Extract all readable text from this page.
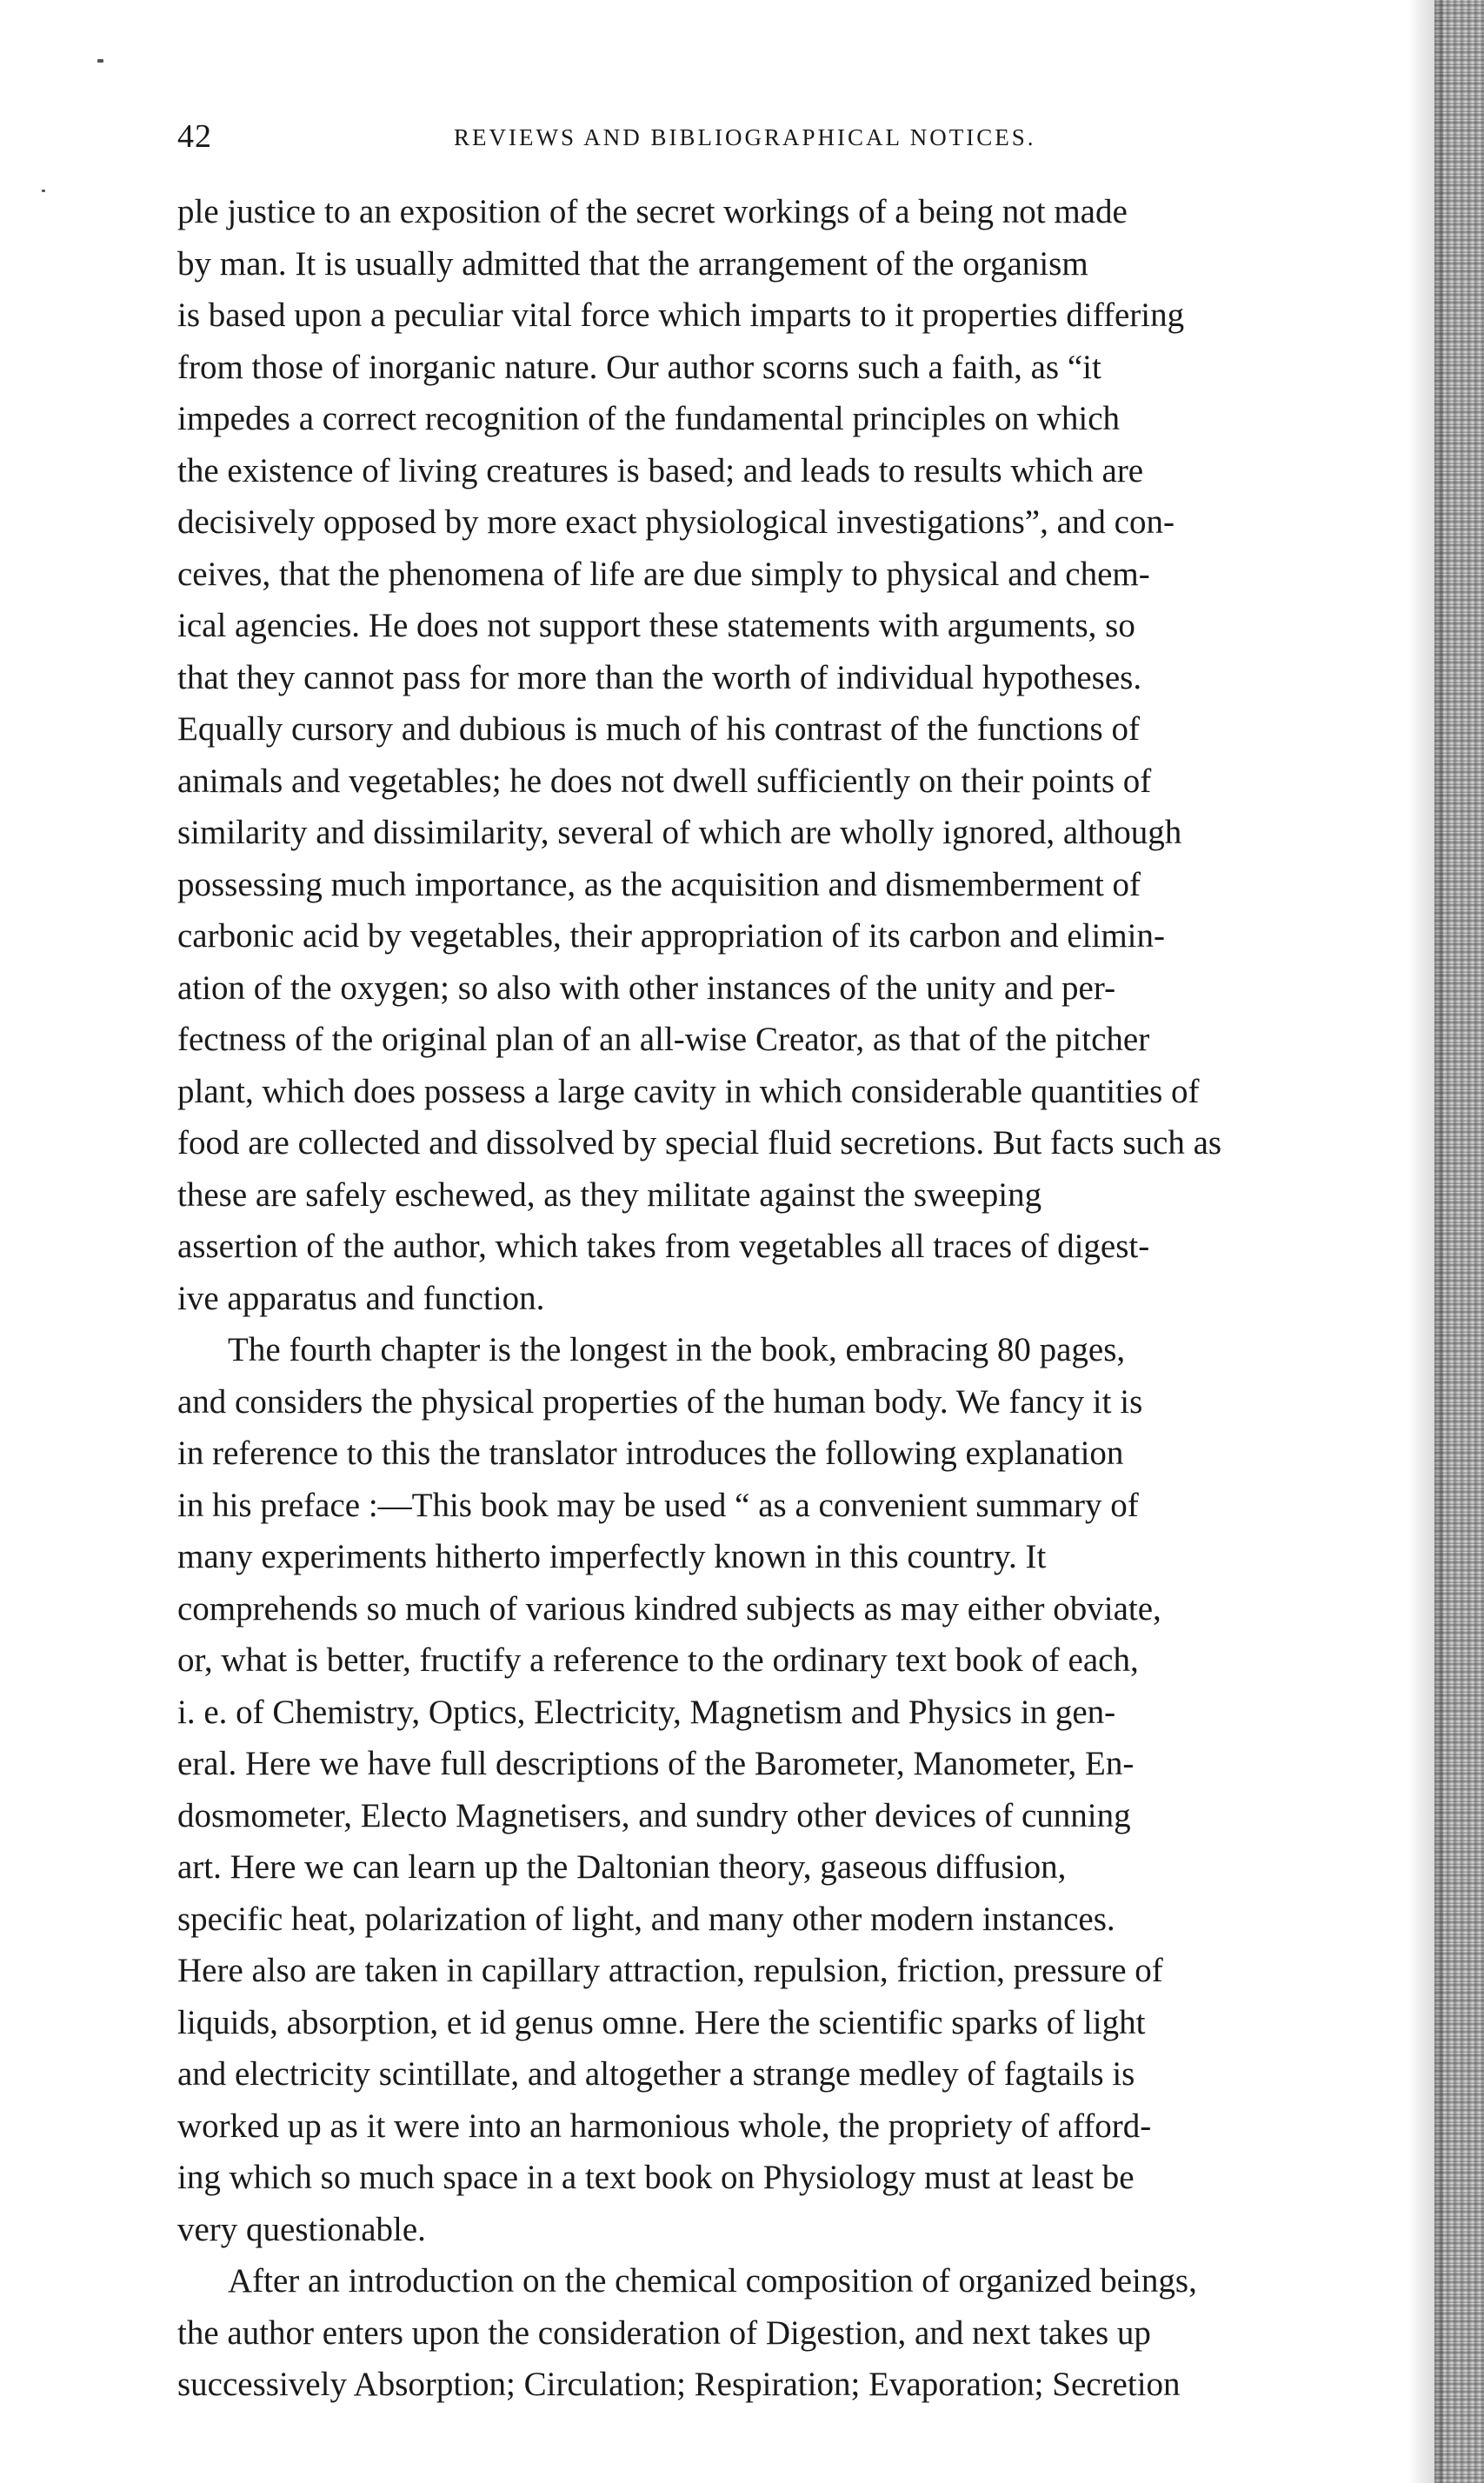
42	REVIEWS AND BIBLIOGRAPHICAL NOTICES.
ple justice to an exposition of the secret workings of a being not made
by man. It is usually admitted that the arrangement of the organism
is based upon a peculiar vital force which imparts to it properties differing
from those of inorganic nature. Our author scorns such a faith, as “it
impedes a correct recognition of the fundamental principles on which
the existence of living creatures is based; and leads to results which are
decisively opposed by more exact physiological investigations”, and con-
ceives, that the phenomena of life are due simply to physical and chem-
ical agencies. He does not support these statements with arguments, so
that they cannot pass for more than the worth of individual hypotheses.
Equally cursory and dubious is much of his contrast of the functions of
animals and vegetables; he does not dwell sufficiently on their points of
similarity and dissimilarity, several of which are wholly ignored, although
possessing much importance, as the acquisition and dismemberment of
carbonic acid by vegetables, their appropriation of its carbon and elimin-
ation of the oxygen; so also with other instances of the unity and per-
fectness of the original plan of an all-wise Creator, as that of the pitcher
plant, which does possess a large cavity in which considerable quantities of
food are collected and dissolved by special fluid secretions. But facts such as
these are safely eschewed, as they militate against the sweeping
assertion of the author, which takes from vegetables all traces of digest-
ive apparatus and function.
The fourth chapter is the longest in the book, embracing 80 pages,
and considers the physical properties of the human body. We fancy it is
in reference to this the translator introduces the following explanation
in his preface :—This book may be used “ as a convenient summary of
many experiments hitherto imperfectly known in this country. It
comprehends so much of various kindred subjects as may either obviate,
or, what is better, fructify a reference to the ordinary text book of each,
i. e. of Chemistry, Optics, Electricity, Magnetism and Physics in gen-
eral. Here we have full descriptions of the Barometer, Manometer, En-
dosmometer, Electo Magnetisers, and sundry other devices of cunning
art. Here we can learn up the Daltonian theory, gaseous diffusion,
specific heat, polarization of light, and many other modern instances.
Here also are taken in capillary attraction, repulsion, friction, pressure of
liquids, absorption, et id genus omne. Here the scientific sparks of light
and electricity scintillate, and altogether a strange medley of fagtails is
worked up as it were into an harmonious whole, the propriety of afford-
ing which so much space in a text book on Physiology must at least be
very questionable.
After an introduction on the chemical composition of organized beings,
the author enters upon the consideration of Digestion, and next takes up
successively Absorption; Circulation; Respiration; Evaporation; Secretion
